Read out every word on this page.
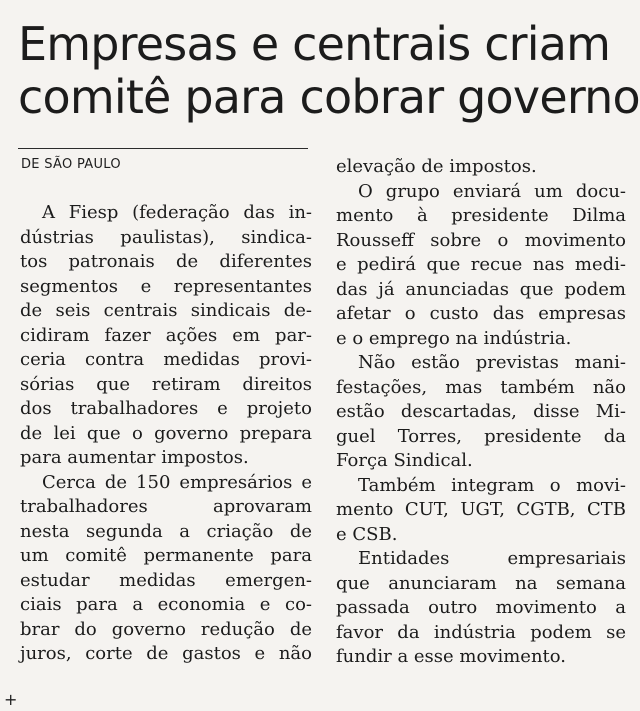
Empresas e centrais criam
comitê para cobrar governo
DE SÃO PAULO
A Fiesp (federação das in-
dústrias paulistas), sindica-
tos patronais de diferentes
segmentos e representantes
de seis centrais sindicais de-
cidiram fazer ações em par-
ceria contra medidas provi-
sórias que retiram direitos
dos trabalhadores e projeto
de lei que o governo prepara
para aumentar impostos.
Cerca de 150 empresários e
trabalhadores aprovaram
nesta segunda a criação de
um comitê permanente para
estudar medidas emergen-
ciais para a economia e co-
brar do governo redução de
juros, corte de gastos e não
elevação de impostos.
O grupo enviará um docu-
mento à presidente Dilma
Rousseff sobre o movimento
e pedirá que recue nas medi-
das já anunciadas que podem
afetar o custo das empresas
e o emprego na indústria.
Não estão previstas mani-
festações, mas também não
estão descartadas, disse Mi-
guel Torres, presidente da
Força Sindical.
Também integram o movi-
mento CUT, UGT, CGTB, CTB
e CSB.
Entidades empresariais
que anunciaram na semana
passada outro movimento a
favor da indústria podem se
fundir a esse movimento.
+
